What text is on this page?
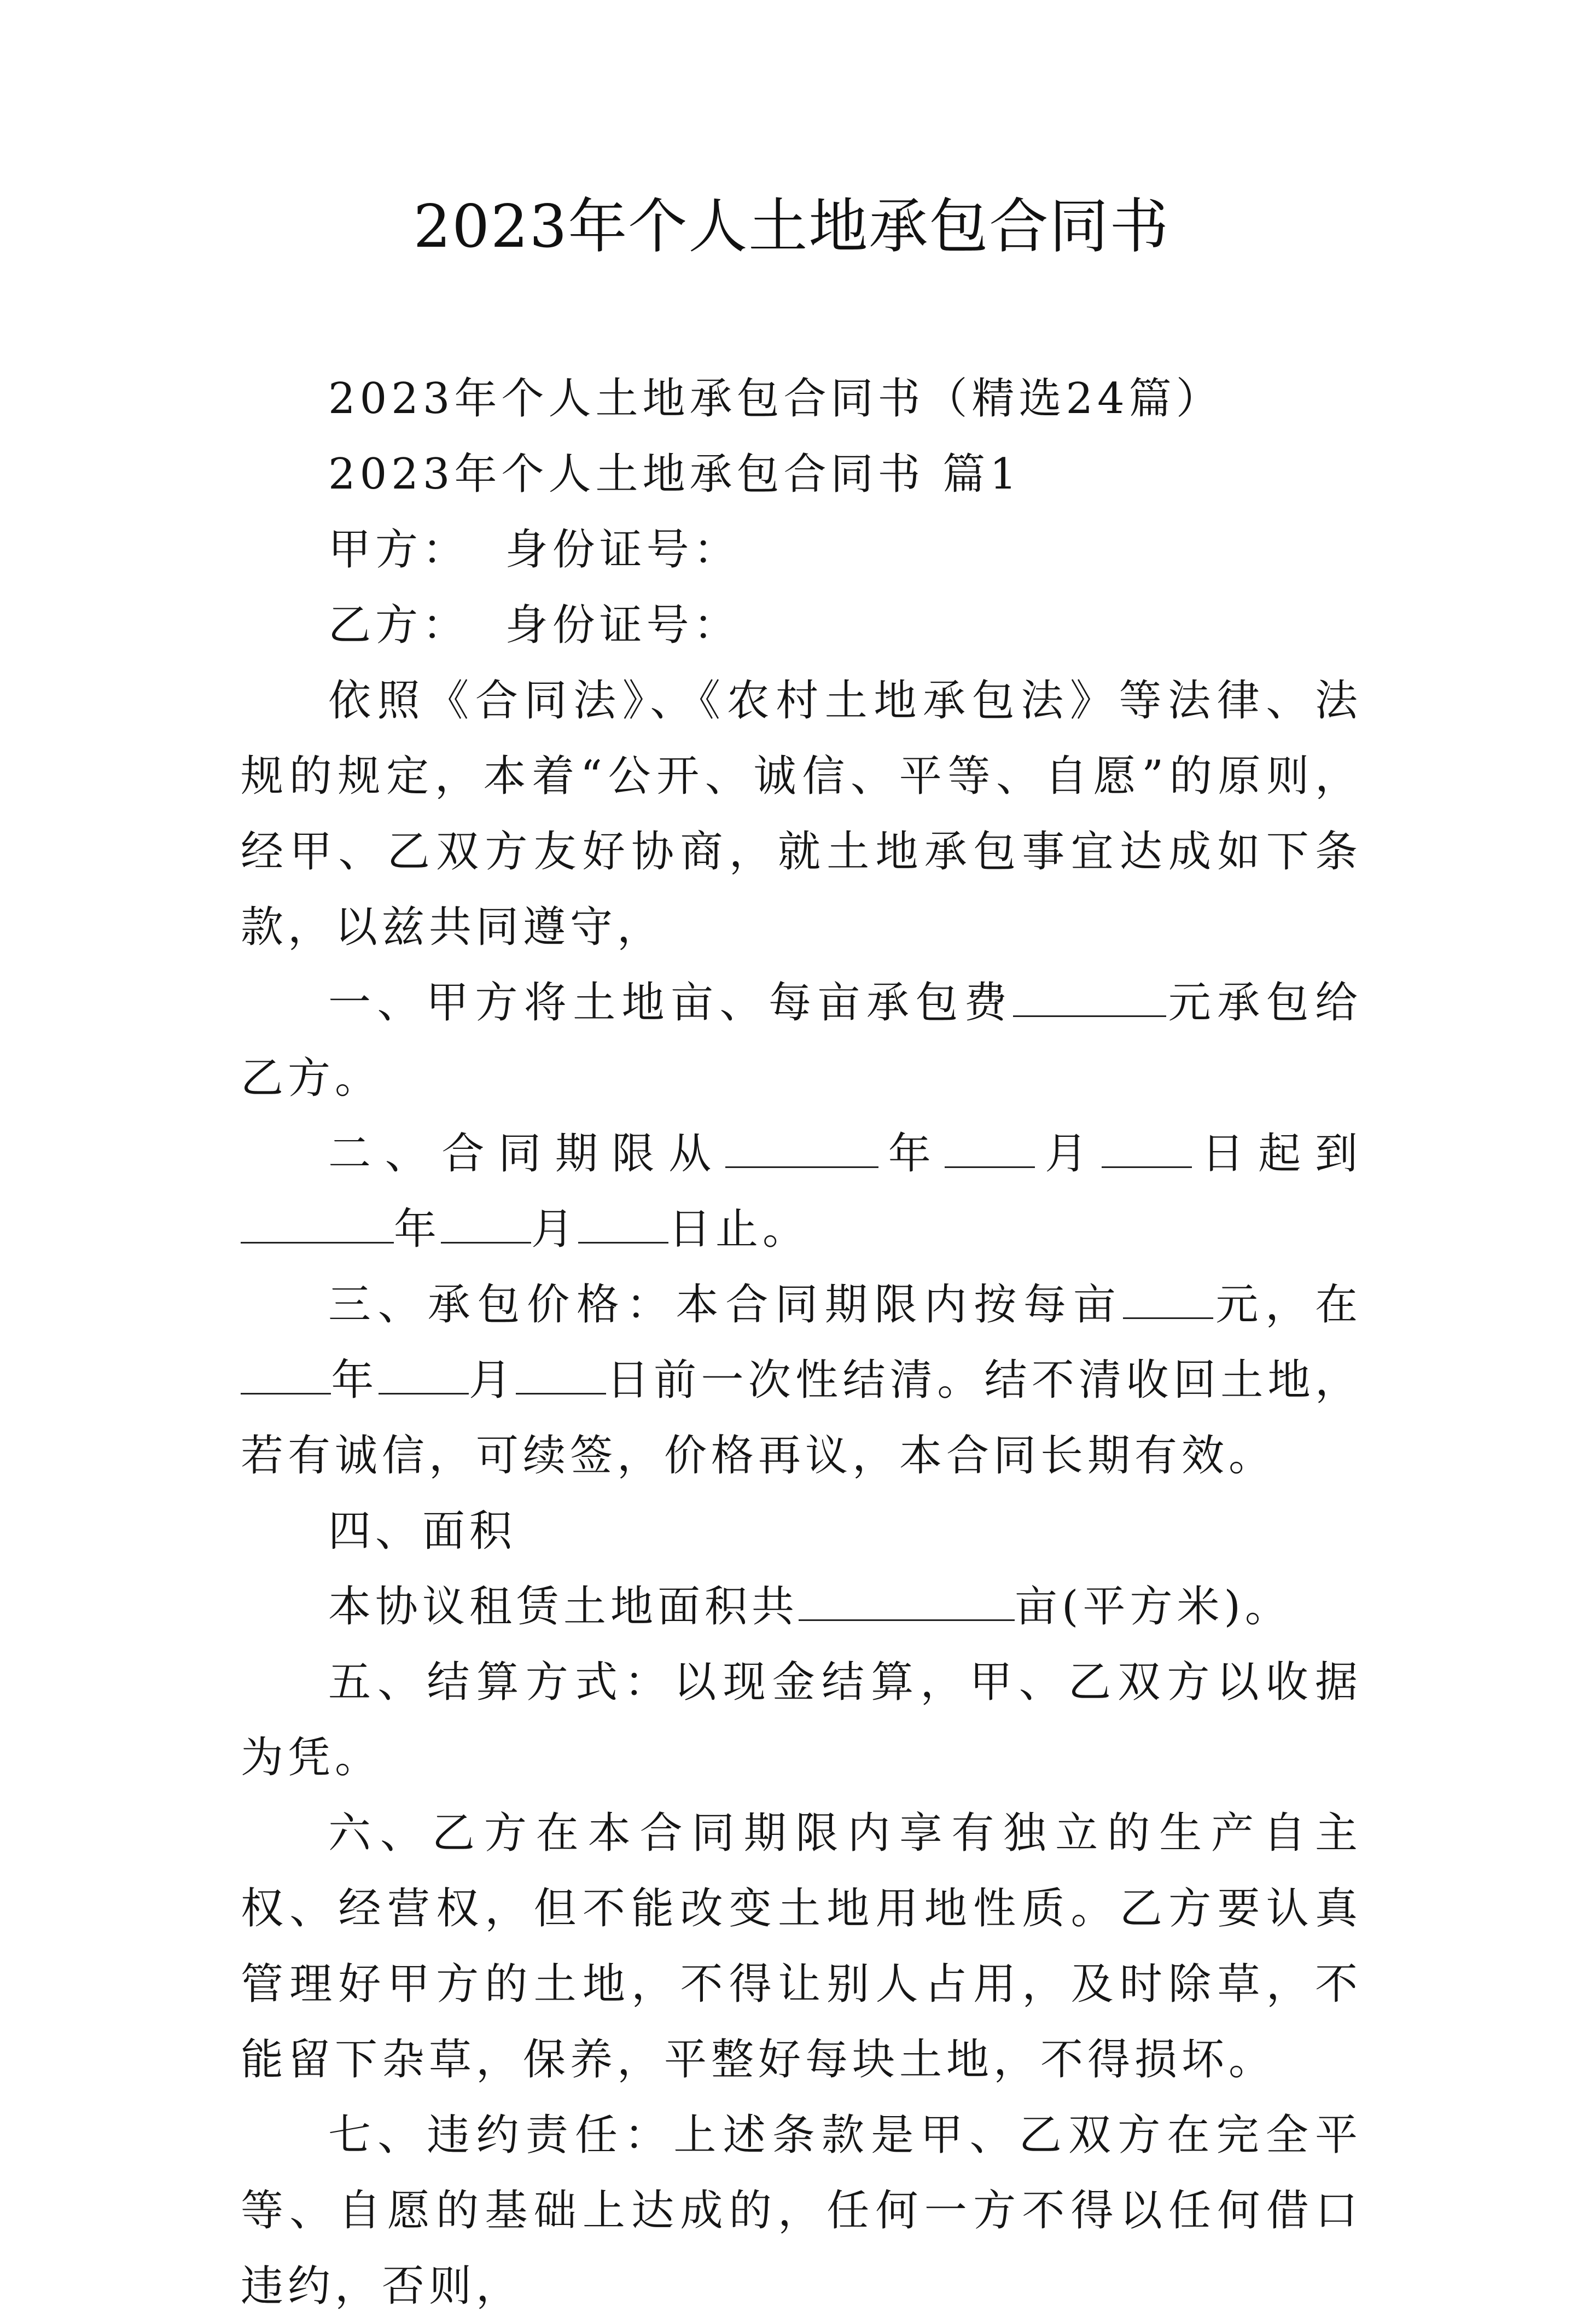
2023年个人土地承包合同书

2023年个人土地承包合同书（精选24篇）

2023年个人土地承包合同书 篇1

甲方：  身份证号：

乙方：  身份证号：

依照《合同法》、《农村土地承包法》等法律、法规的规定，本着“公开、诚信、平等、自愿”的原则，经甲、乙双方友好协商，就土地承包事宜达成如下条款，以兹共同遵守，

一、甲方将土地亩、每亩承包费	元承包给乙方。

二、合同期限从	年 月 日起到年 月 日止。

三、承包价格：本合同期限内按每亩 元，在年 月 日前一次性结清。结不清收回土地，若有诚信，可续签，价格再议，本合同长期有效。

四、面积

本协议租赁土地面积共	亩(平方米)。

五、结算方式：以现金结算，甲、乙双方以收据为凭。

六、乙方在本合同期限内享有独立的生产自主权、经营权，但不能改变土地用地性质。乙方要认真管理好甲方的土地，不得让别人占用，及时除草，不能留下杂草，保养，平整好每块土地，不得损坏。

七、违约责任：上述条款是甲、乙双方在完全平等、自愿的基础上达成的，任何一方不得以任何借口违约，否则，
